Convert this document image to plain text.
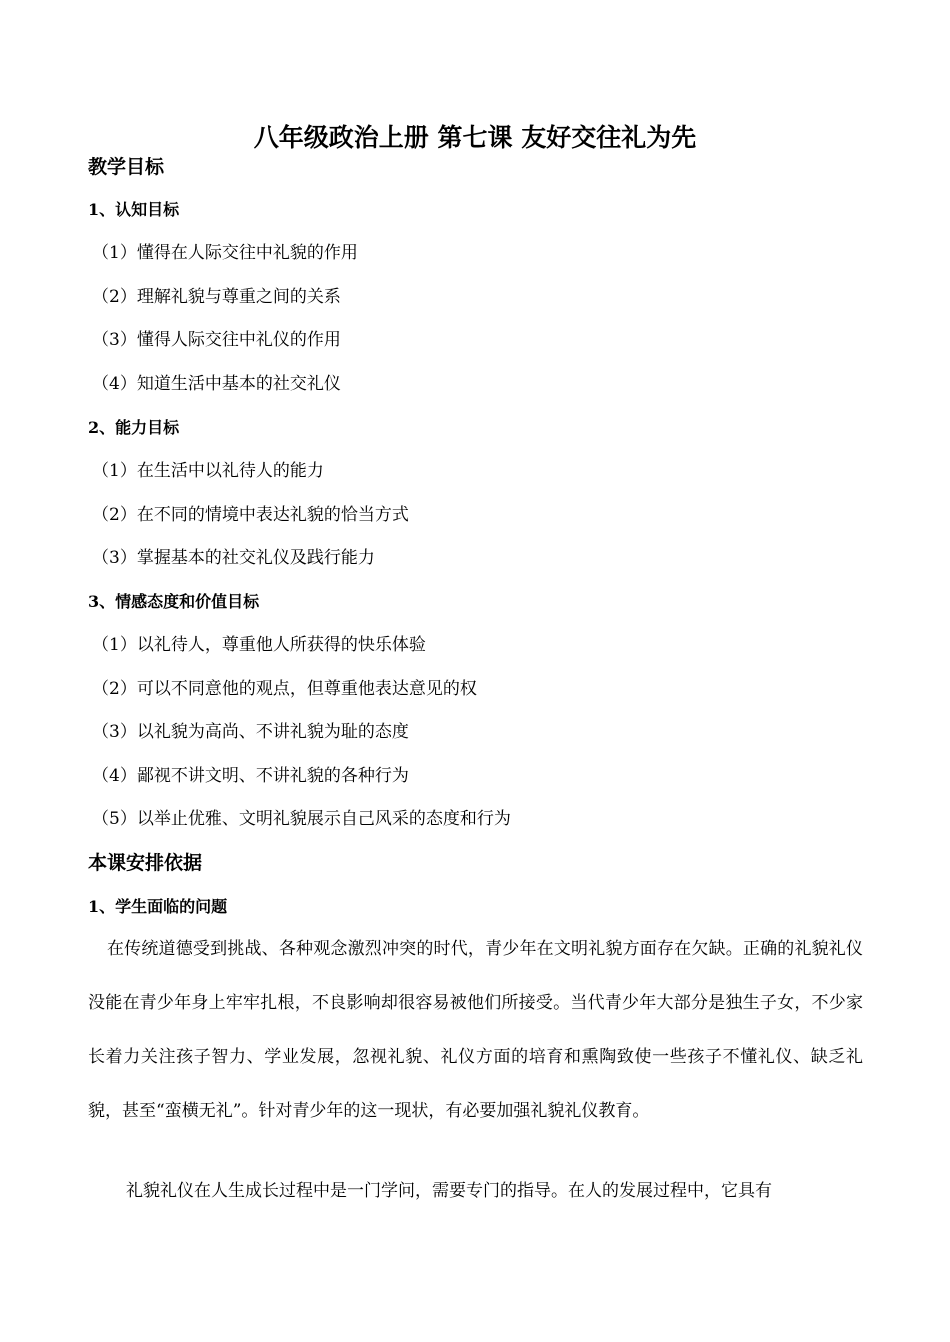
八年级政治上册 第七课 友好交往礼为先
教学目标
1、认知目标
（1）懂得在人际交往中礼貌的作用
（2）理解礼貌与尊重之间的关系
（3）懂得人际交往中礼仪的作用
（4）知道生活中基本的社交礼仪
2、能力目标
（1）在生活中以礼待人的能力
（2）在不同的情境中表达礼貌的恰当方式
（3）掌握基本的社交礼仪及践行能力
3、情感态度和价值目标
（1）以礼待人，尊重他人所获得的快乐体验
（2）可以不同意他的观点，但尊重他表达意见的权
（3）以礼貌为高尚、不讲礼貌为耻的态度
（4）鄙视不讲文明、不讲礼貌的各种行为
（5）以举止优雅、文明礼貌展示自己风采的态度和行为
本课安排依据
1、学生面临的问题
在传统道德受到挑战、各种观念激烈冲突的时代，青少年在文明礼貌方面存在欠缺。正确的礼貌礼仪没能在青少年身上牢牢扎根，不良影响却很容易被他们所接受。当代青少年大部分是独生子女，不少家长着力关注孩子智力、学业发展，忽视礼貌、礼仪方面的培育和熏陶致使一些孩子不懂礼仪、缺乏礼貌，甚至“蛮横无礼”。针对青少年的这一现状，有必要加强礼貌礼仪教育。
礼貌礼仪在人生成长过程中是一门学问，需要专门的指导。在人的发展过程中，它具有
